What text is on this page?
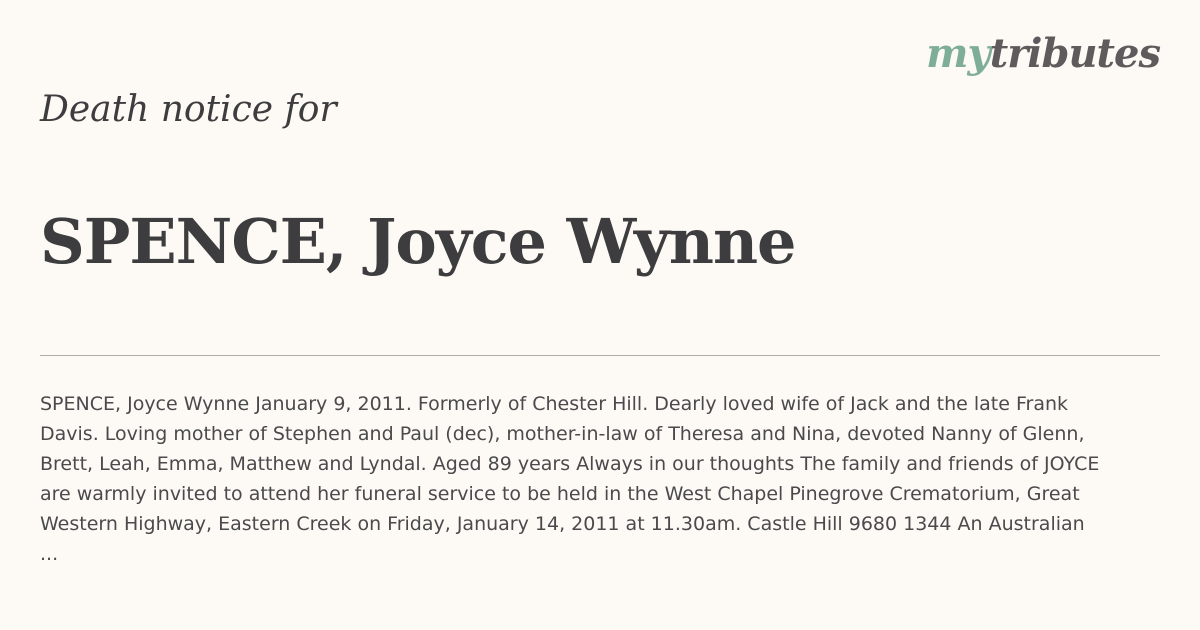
mytributes
Death notice for
SPENCE, Joyce Wynne

SPENCE, Joyce Wynne January 9, 2011. Formerly of Chester Hill. Dearly loved wife of Jack and the late Frank
Davis. Loving mother of Stephen and Paul (dec), mother-in-law of Theresa and Nina, devoted Nanny of Glenn,
Brett, Leah, Emma, Matthew and Lyndal. Aged 89 years Always in our thoughts The family and friends of JOYCE
are warmly invited to attend her funeral service to be held in the West Chapel Pinegrove Crematorium, Great
Western Highway, Eastern Creek on Friday, January 14, 2011 at 11.30am. Castle Hill 9680 1344 An Australian
...
